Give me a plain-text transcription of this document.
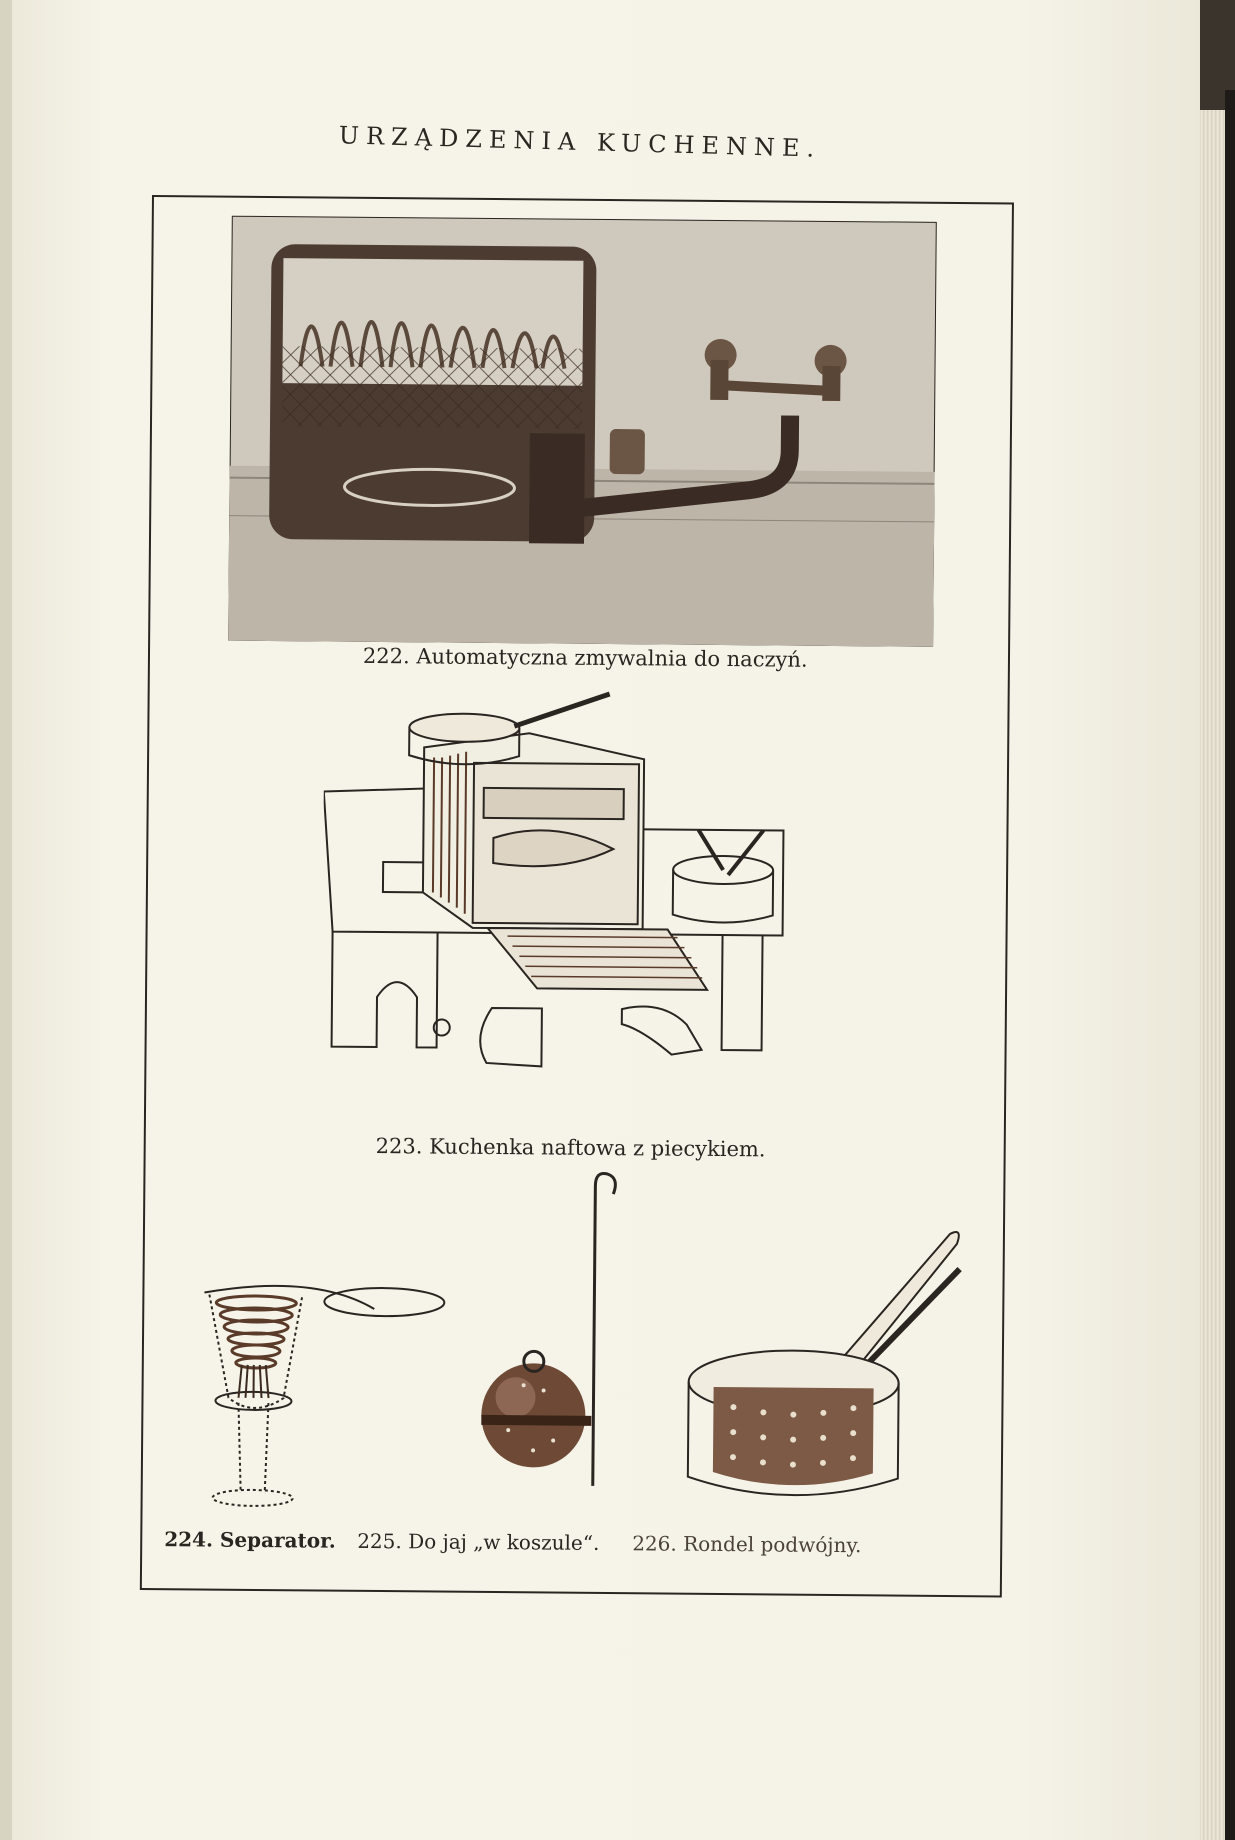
URZĄDZENIA KUCHENNE.
222. Automatyczna zmywalnia do naczyń.
223. Kuchenka naftowa z piecykiem.
224. Separator. 225. Do jaj „w koszule“. 226. Rondel podwójny.
